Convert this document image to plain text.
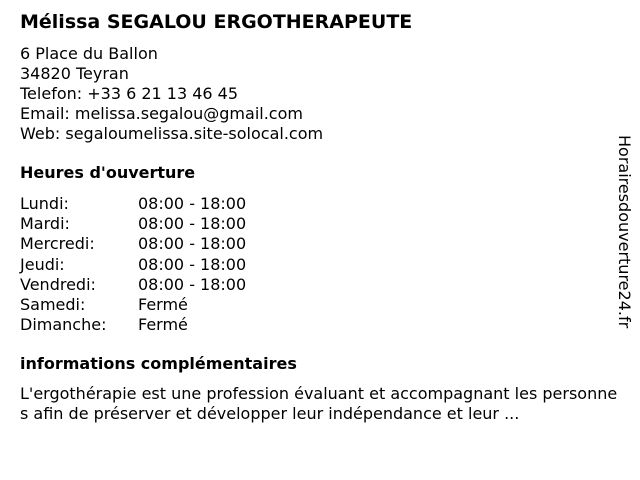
Mélissa SEGALOU ERGOTHERAPEUTE
6 Place du Ballon
34820 Teyran
Telefon: +33 6 21 13 46 45
Email: melissa.segalou@gmail.com
Web: segaloumelissa.site-solocal.com
Heures d'ouverture
Lundi:	08:00 - 18:00
Mardi:	08:00 - 18:00
Mercredi:	08:00 - 18:00
Jeudi:	08:00 - 18:00
Vendredi:	08:00 - 18:00
Samedi:	Fermé
Dimanche:	Fermé
informations complémentaires
L'ergothérapie est une profession évaluant et accompagnant les personnes afin de préserver et développer leur indépendance et leur ...
Horairesdouverture24.fr
